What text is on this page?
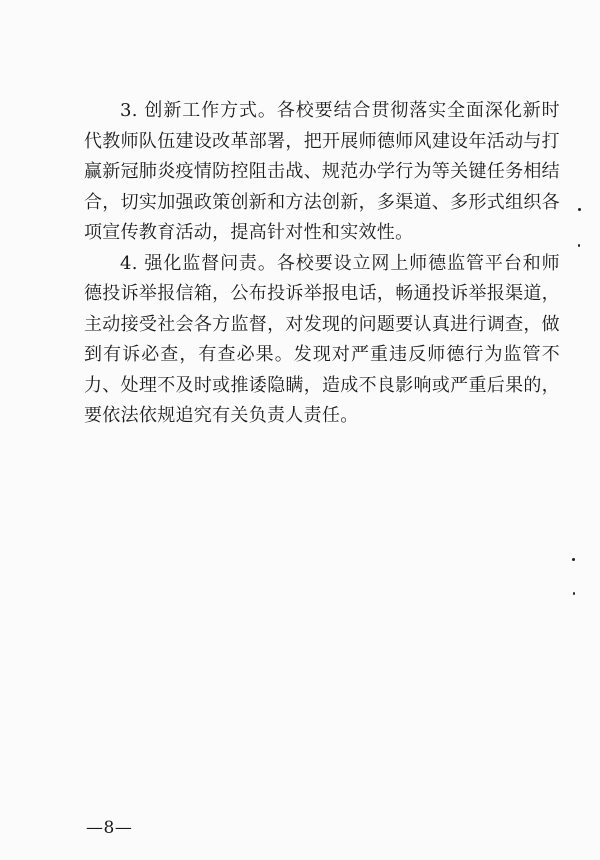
3. 创新工作方式。各校要结合贯彻落实全面深化新时代教师队伍建设改革部署，把开展师德师风建设年活动与打赢新冠肺炎疫情防控阻击战、规范办学行为等关键任务相结合，切实加强政策创新和方法创新，多渠道、多形式组织各项宣传教育活动，提高针对性和实效性。

4. 强化监督问责。各校要设立网上师德监管平台和师德投诉举报信箱，公布投诉举报电话，畅通投诉举报渠道，主动接受社会各方监督，对发现的问题要认真进行调查，做到有诉必查，有查必果。发现对严重违反师德行为监管不力、处理不及时或推诿隐瞒，造成不良影响或严重后果的，要依法依规追究有关负责人责任。

—8—
